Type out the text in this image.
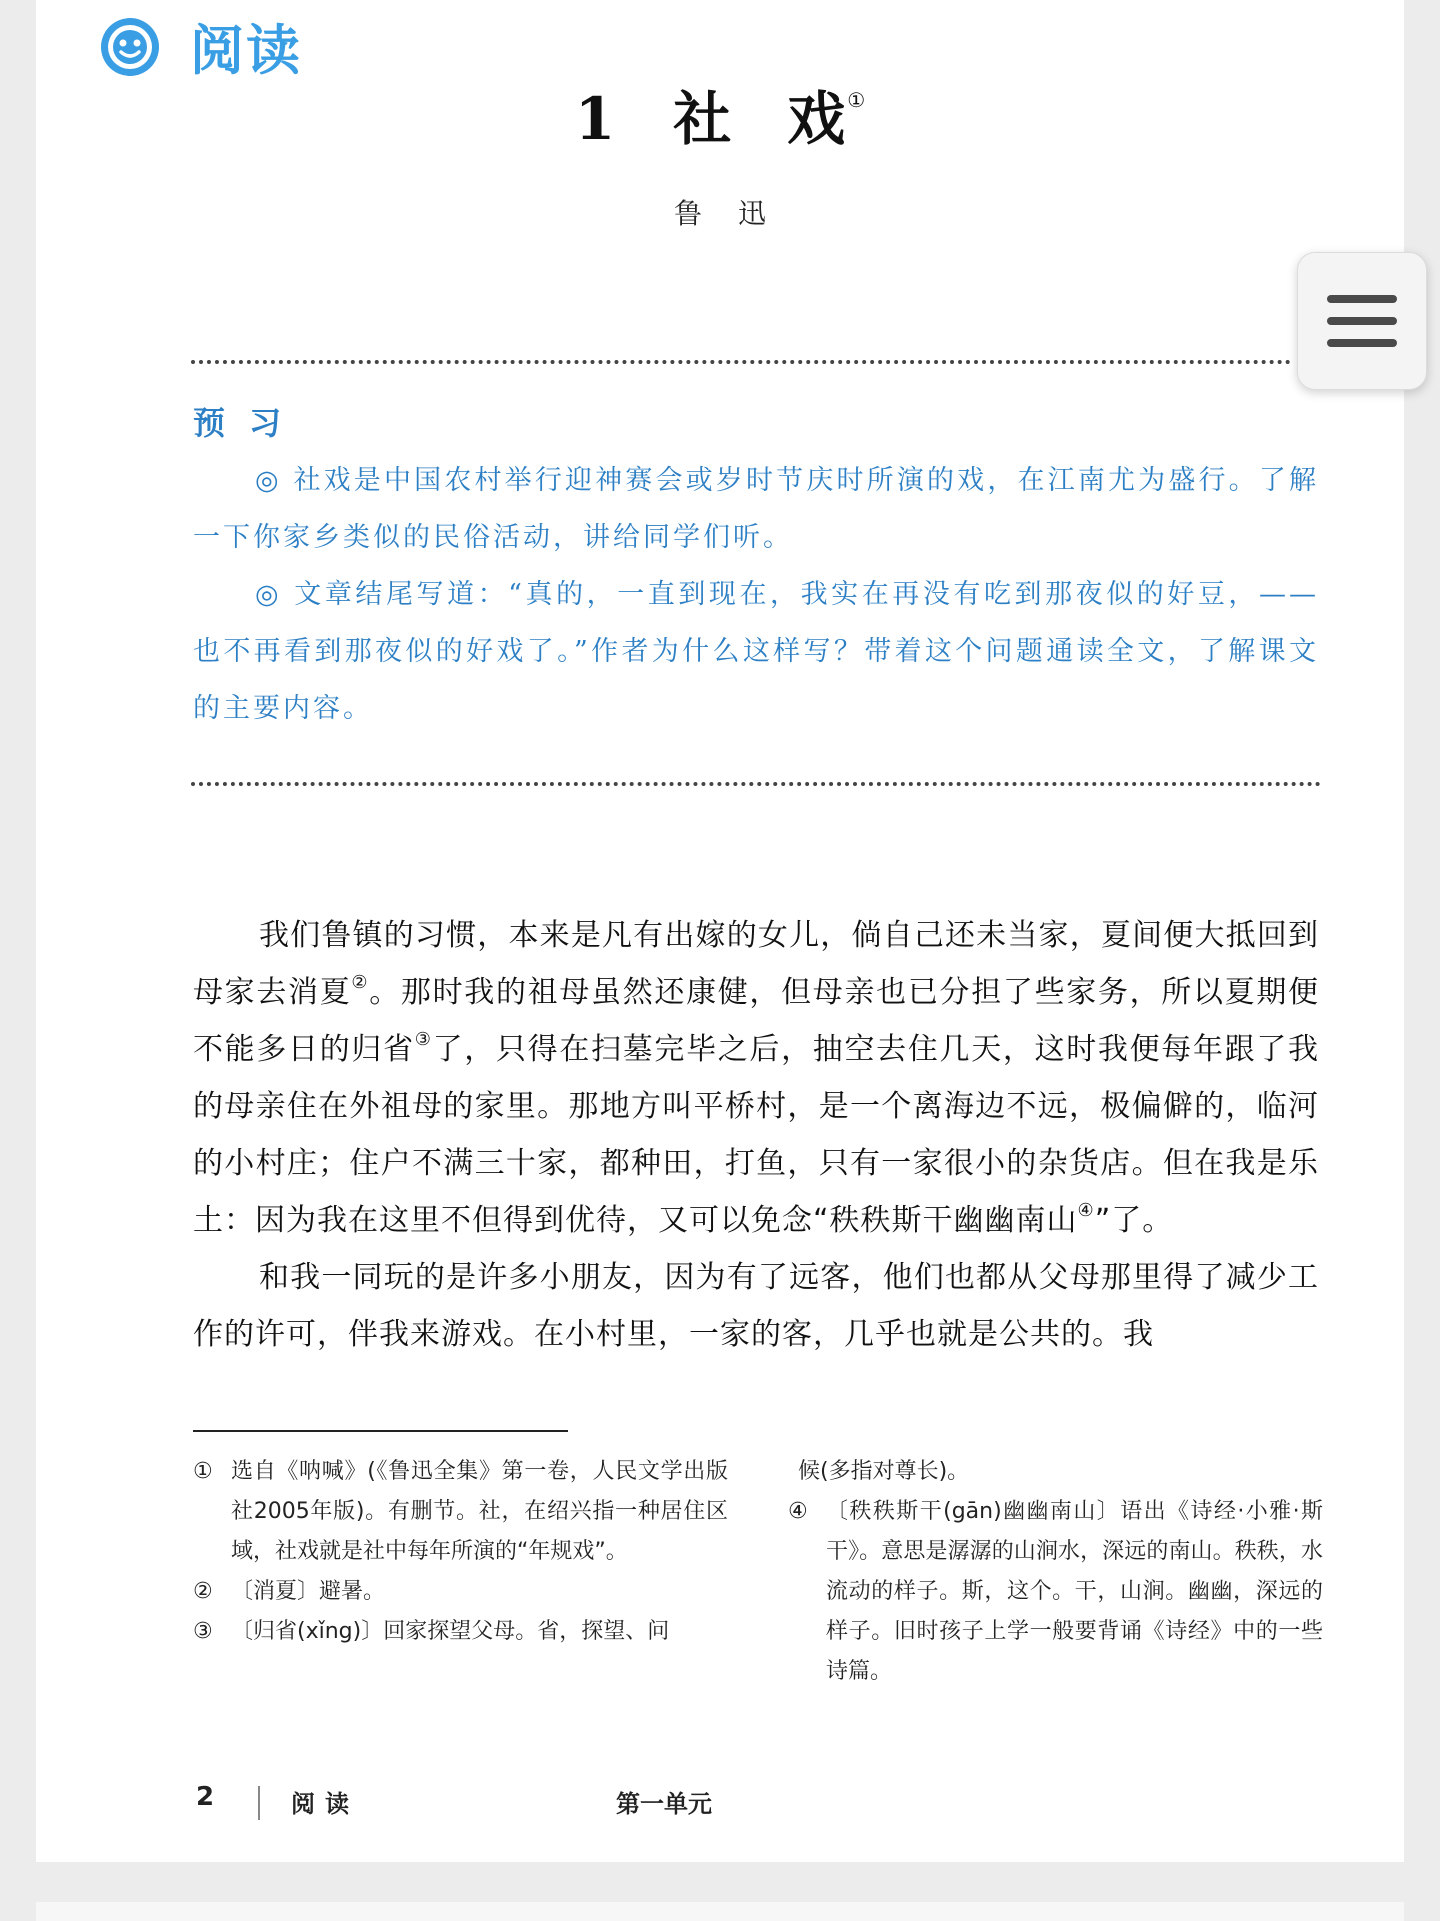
阅读
1 社 戏 ①
鲁迅
预习

◎ 社戏是中国农村举行迎神赛会或岁时节庆时所演的戏，在江南尤为盛行。了解一下你家乡类似的民俗活动，讲给同学们听。

◎ 文章结尾写道：“真的，一直到现在，我实在再没有吃到那夜似的好豆，——也不再看到那夜似的好戏了。”作者为什么这样写？带着这个问题通读全文，了解课文的主要内容。

我们鲁镇的习惯，本来是凡有出嫁的女儿，倘自己还未当家，夏间便大抵回到母家去消夏②。那时我的祖母虽然还康健，但母亲也已分担了些家务，所以夏期便不能多日的归省③了，只得在扫墓完毕之后，抽空去住几天，这时我便每年跟了我的母亲住在外祖母的家里。那地方叫平桥村，是一个离海边不远，极偏僻的，临河的小村庄；住户不满三十家，都种田，打鱼，只有一家很小的杂货店。但在我是乐土：因为我在这里不但得到优待，又可以免念“秩秩斯干幽幽南山④”了。

和我一同玩的是许多小朋友，因为有了远客，他们也都从父母那里得了减少工作的许可，伴我来游戏。在小村里，一家的客，几乎也就是公共的。我

① 选自《呐喊》(《鲁迅全集》第一卷，人民文学出版社2005年版)。有删节。社，在绍兴指一种居住区域，社戏就是社中每年所演的“年规戏”。
② 〔消夏〕避暑。
③ 〔归省(xǐng)〕回家探望父母。省，探望、问
候(多指对尊长)。
④ 〔秩秩斯干(gān)幽幽南山〕语出《诗经·小雅·斯干》。意思是潺潺的山涧水，深远的南山。秩秩，水流动的样子。斯，这个。干，山涧。幽幽，深远的样子。旧时孩子上学一般要背诵《诗经》中的一些诗篇。
2	阅读	第一单元
